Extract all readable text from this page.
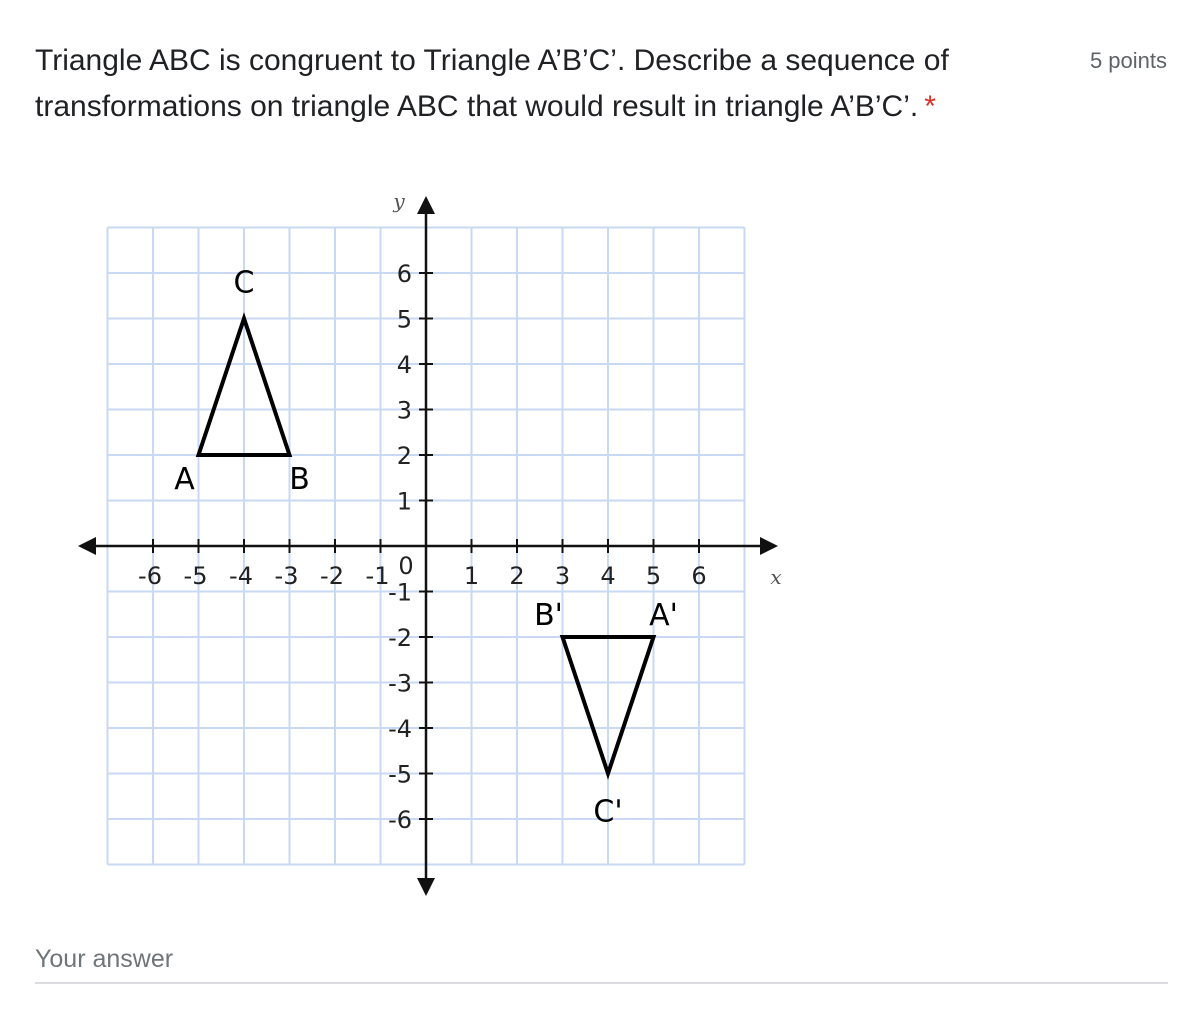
Triangle ABC is congruent to Triangle A’B’C’. Describe a sequence of transformations on triangle ABC that would result in triangle A’B’C’. *
5 points
x
y
-6 -5 -4 -3 -2 -1	1 2 3 4 5 6
6
5
4
3
2
1
-1
-2
-3
-4
-5
-6
0
A	B
C
A'
B'
C'
Your answer
